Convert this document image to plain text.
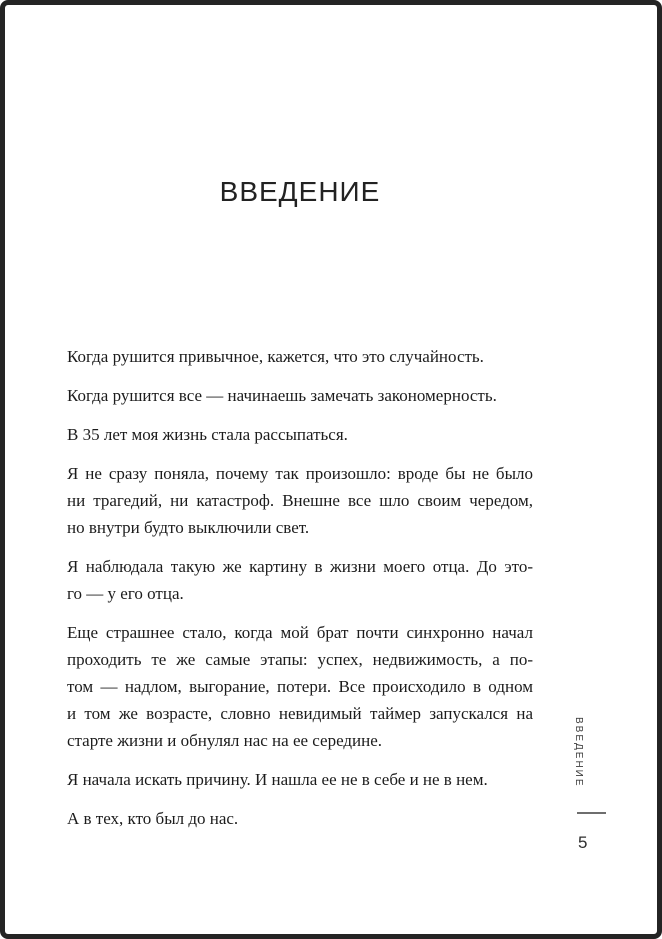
ВВЕДЕНИЕ
Когда рушится привычное, кажется, что это случайность.
Когда рушится все — начинаешь замечать закономерность.
В 35 лет моя жизнь стала рассыпаться.
Я не сразу поняла, почему так произошло: вроде бы не было
ни трагедий, ни катастроф. Внешне все шло своим чередом,
но внутри будто выключили свет.
Я наблюдала такую же картину в жизни моего отца. До это-
го — у его отца.
Еще страшнее стало, когда мой брат почти синхронно начал
проходить те же самые этапы: успех, недвижимость, а по-
том — надлом, выгорание, потери. Все происходило в одном
и том же возрасте, словно невидимый таймер запускался на
старте жизни и обнулял нас на ее середине.
Я начала искать причину. И нашла ее не в себе и не в нем.
А в тех, кто был до нас.
ВВЕДЕНИЕ
5
